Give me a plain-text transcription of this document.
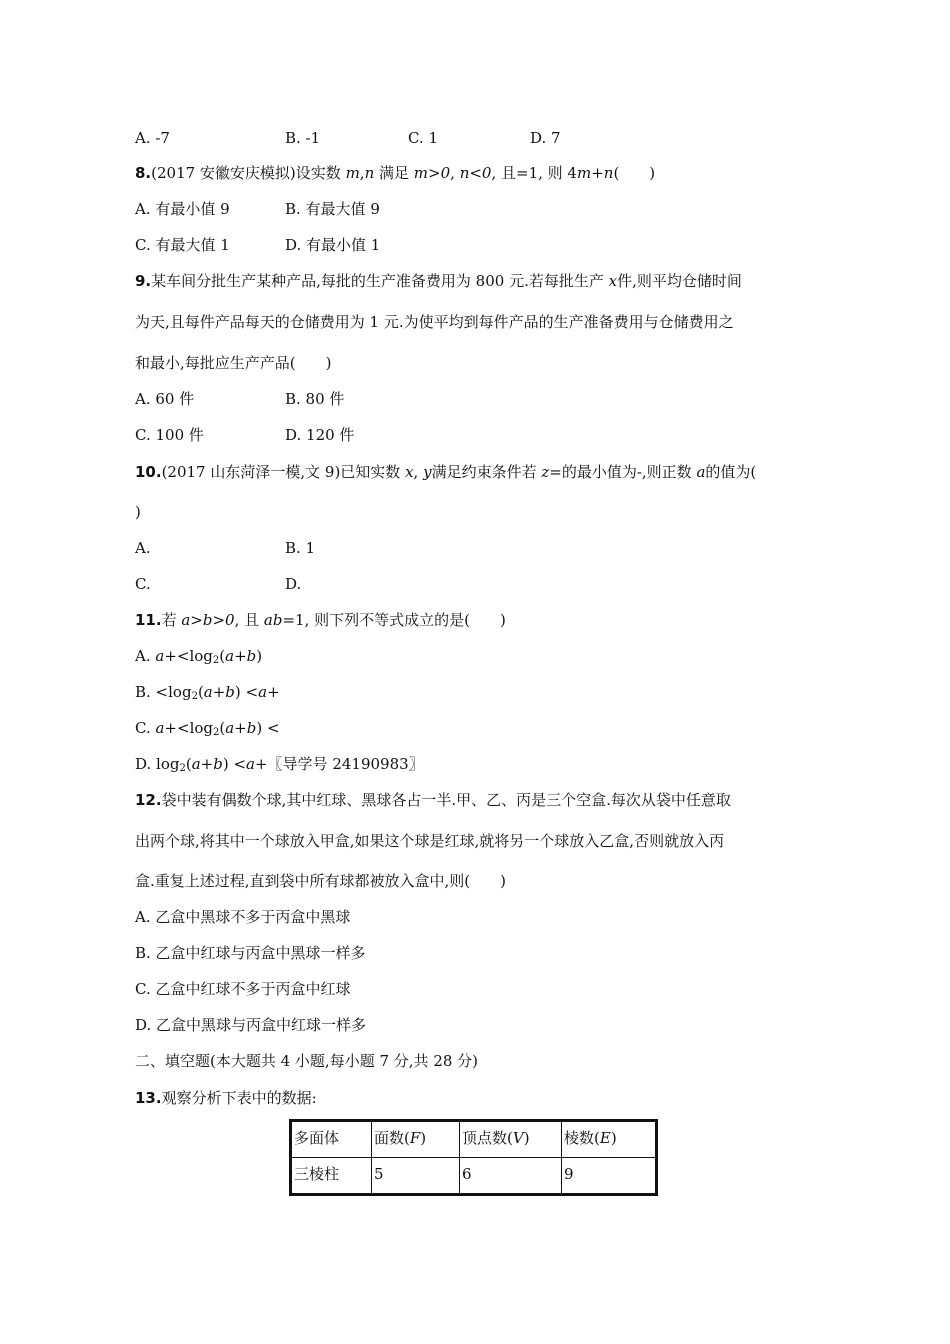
A. -7	B. -1	C. 1	D. 7
8.(2017 安徽安庆模拟)设实数 m,n 满足 m>0, n<0, 且=1, 则 4m+n(　　)
A. 有最小值 9	B. 有最大值 9
C. 有最大值 1	D. 有最小值 1
9.某车间分批生产某种产品,每批的生产准备费用为 800 元.若每批生产 x件,则平均仓储时间
为天,且每件产品每天的仓储费用为 1 元.为使平均到每件产品的生产准备费用与仓储费用之
和最小,每批应生产产品(　　)
A. 60 件	B. 80 件
C. 100 件	D. 120 件
10.(2017 山东菏泽一模,文 9)已知实数 x, y满足约束条件若 z=的最小值为-,则正数 a的值为(
)
A.	B. 1
C.	D.
11.若 a>b>0, 且 ab=1, 则下列不等式成立的是(　　)
A. $a+<\log_2(a+b)$
B. $<\log_2(a+b) <a+$
C. $a+<\log_2(a+b)$ <
D. $\log_2(a+b) <a+$〖导学号 24190983〗
12.袋中装有偶数个球,其中红球、黑球各占一半.甲、乙、丙是三个空盒.每次从袋中任意取
出两个球,将其中一个球放入甲盒,如果这个球是红球,就将另一个球放入乙盒,否则就放入丙
盒.重复上述过程,直到袋中所有球都被放入盒中,则(　　)
A. 乙盒中黑球不多于丙盒中黑球
B. 乙盒中红球与丙盒中黑球一样多
C. 乙盒中红球不多于丙盒中红球
D. 乙盒中黑球与丙盒中红球一样多
二、填空题(本大题共 4 小题,每小题 7 分,共 28 分)
13.观察分析下表中的数据:
多面体	面数(F)	顶点数(V)	棱数(E)
三棱柱	5	6	9
